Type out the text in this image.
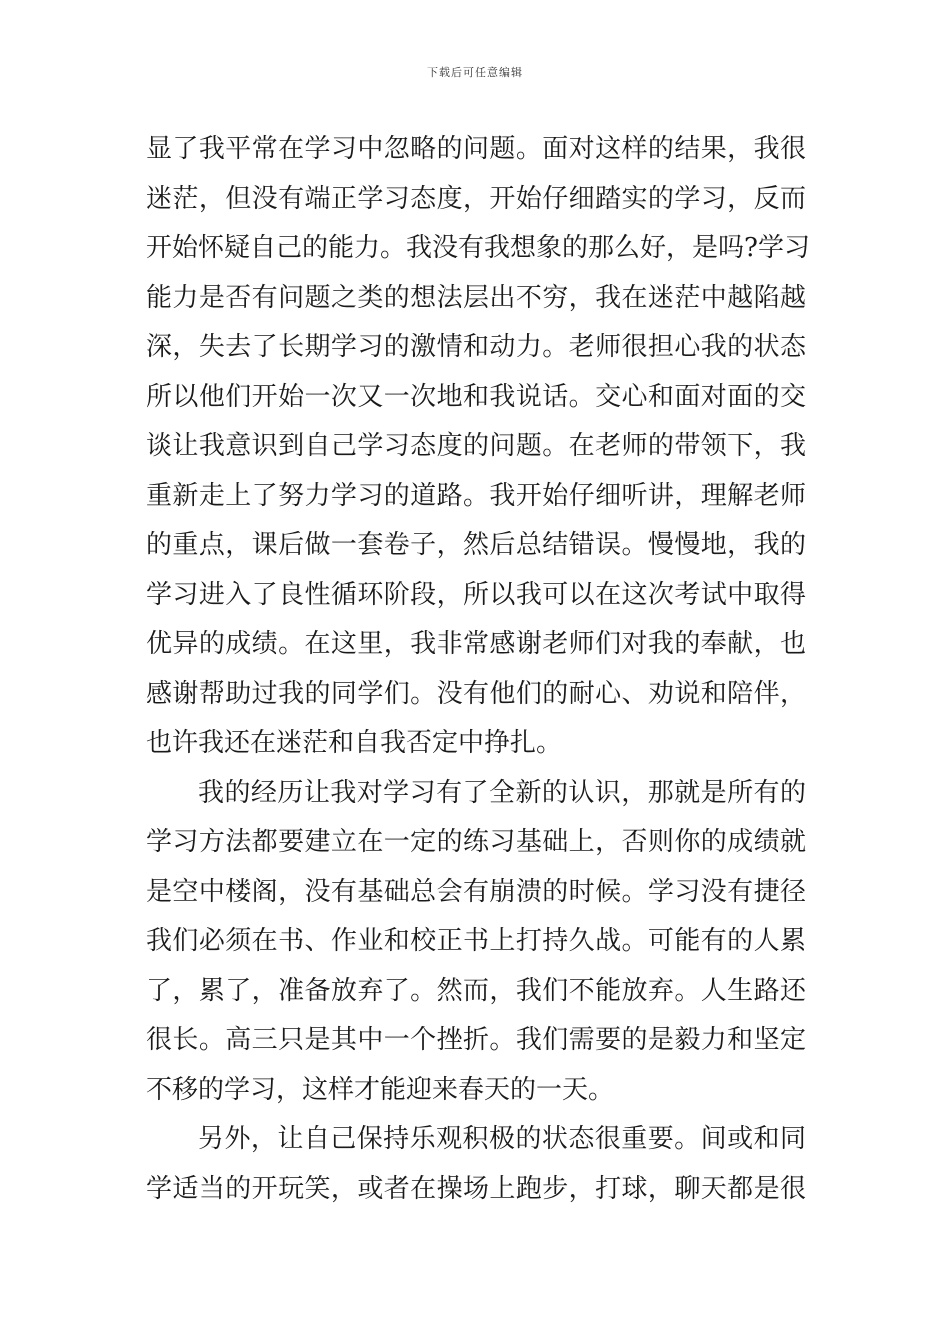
下载后可任意编辑
显了我平常在学习中忽略的问题。面对这样的结果，我很
迷茫，但没有端正学习态度，开始仔细踏实的学习，反而
开始怀疑自己的能力。我没有我想象的那么好，是吗?学习
能力是否有问题之类的想法层出不穷，我在迷茫中越陷越
深，失去了长期学习的激情和动力。老师很担心我的状态
所以他们开始一次又一次地和我说话。交心和面对面的交
谈让我意识到自己学习态度的问题。在老师的带领下，我
重新走上了努力学习的道路。我开始仔细听讲，理解老师
的重点，课后做一套卷子，然后总结错误。慢慢地，我的
学习进入了良性循环阶段，所以我可以在这次考试中取得
优异的成绩。在这里，我非常感谢老师们对我的奉献，也
感谢帮助过我的同学们。没有他们的耐心、劝说和陪伴，
也许我还在迷茫和自我否定中挣扎。
我的经历让我对学习有了全新的认识，那就是所有的
学习方法都要建立在一定的练习基础上，否则你的成绩就
是空中楼阁，没有基础总会有崩溃的时候。学习没有捷径
我们必须在书、作业和校正书上打持久战。可能有的人累
了，累了，准备放弃了。然而，我们不能放弃。人生路还
很长。高三只是其中一个挫折。我们需要的是毅力和坚定
不移的学习，这样才能迎来春天的一天。
另外，让自己保持乐观积极的状态很重要。间或和同
学适当的开玩笑，或者在操场上跑步，打球，聊天都是很
